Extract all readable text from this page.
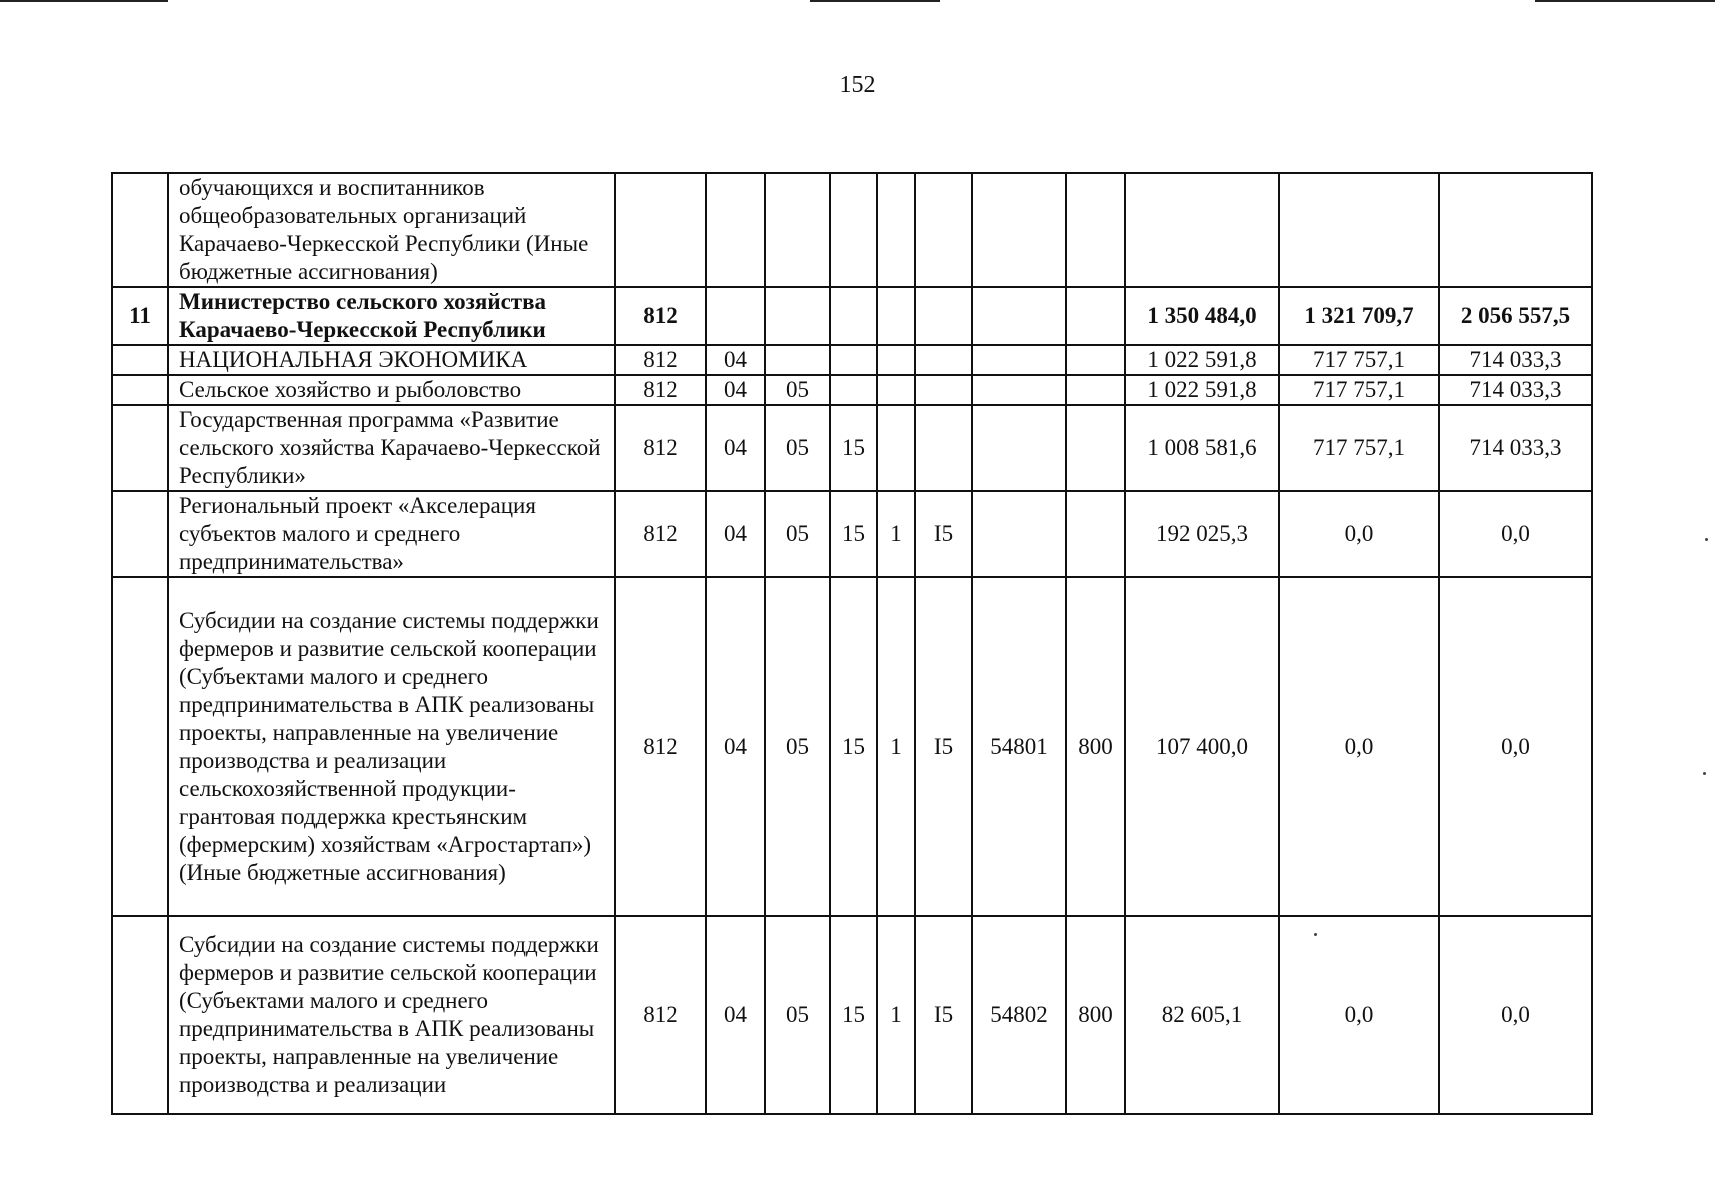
152
	обучающихся и воспитанников общеобразовательных организаций Карачаево-Черкесской Республики (Иные бюджетные ассигнования)											
11	Министерство сельского хозяйства Карачаево-Черкесской Республики	812								1 350 484,0	1 321 709,7	2 056 557,5
	НАЦИОНАЛЬНАЯ ЭКОНОМИКА	812	04							1 022 591,8	717 757,1	714 033,3
	Сельское хозяйство и рыболовство	812	04	05						1 022 591,8	717 757,1	714 033,3
	Государственная программа «Развитие сельского хозяйства Карачаево-Черкесской Республики»	812	04	05	15					1 008 581,6	717 757,1	714 033,3
	Региональный проект «Акселерация субъектов малого и среднего предпринимательства»	812	04	05	15	1	I5			192 025,3	0,0	0,0
	Субсидии на создание системы поддержки фермеров и развитие сельской кооперации (Субъектами малого и среднего предпринимательства в АПК реализованы проекты, направленные на увеличение производства и реализации сельскохозяйственной продукции-грантовая поддержка крестьянским (фермерским) хозяйствам «Агростартап») (Иные бюджетные ассигнования)	812	04	05	15	1	I5	54801	800	107 400,0	0,0	0,0
	Субсидии на создание системы поддержки фермеров и развитие сельской кооперации (Субъектами малого и среднего предпринимательства в АПК реализованы проекты, направленные на увеличение производства и реализации	812	04	05	15	1	I5	54802	800	82 605,1	0,0	0,0
